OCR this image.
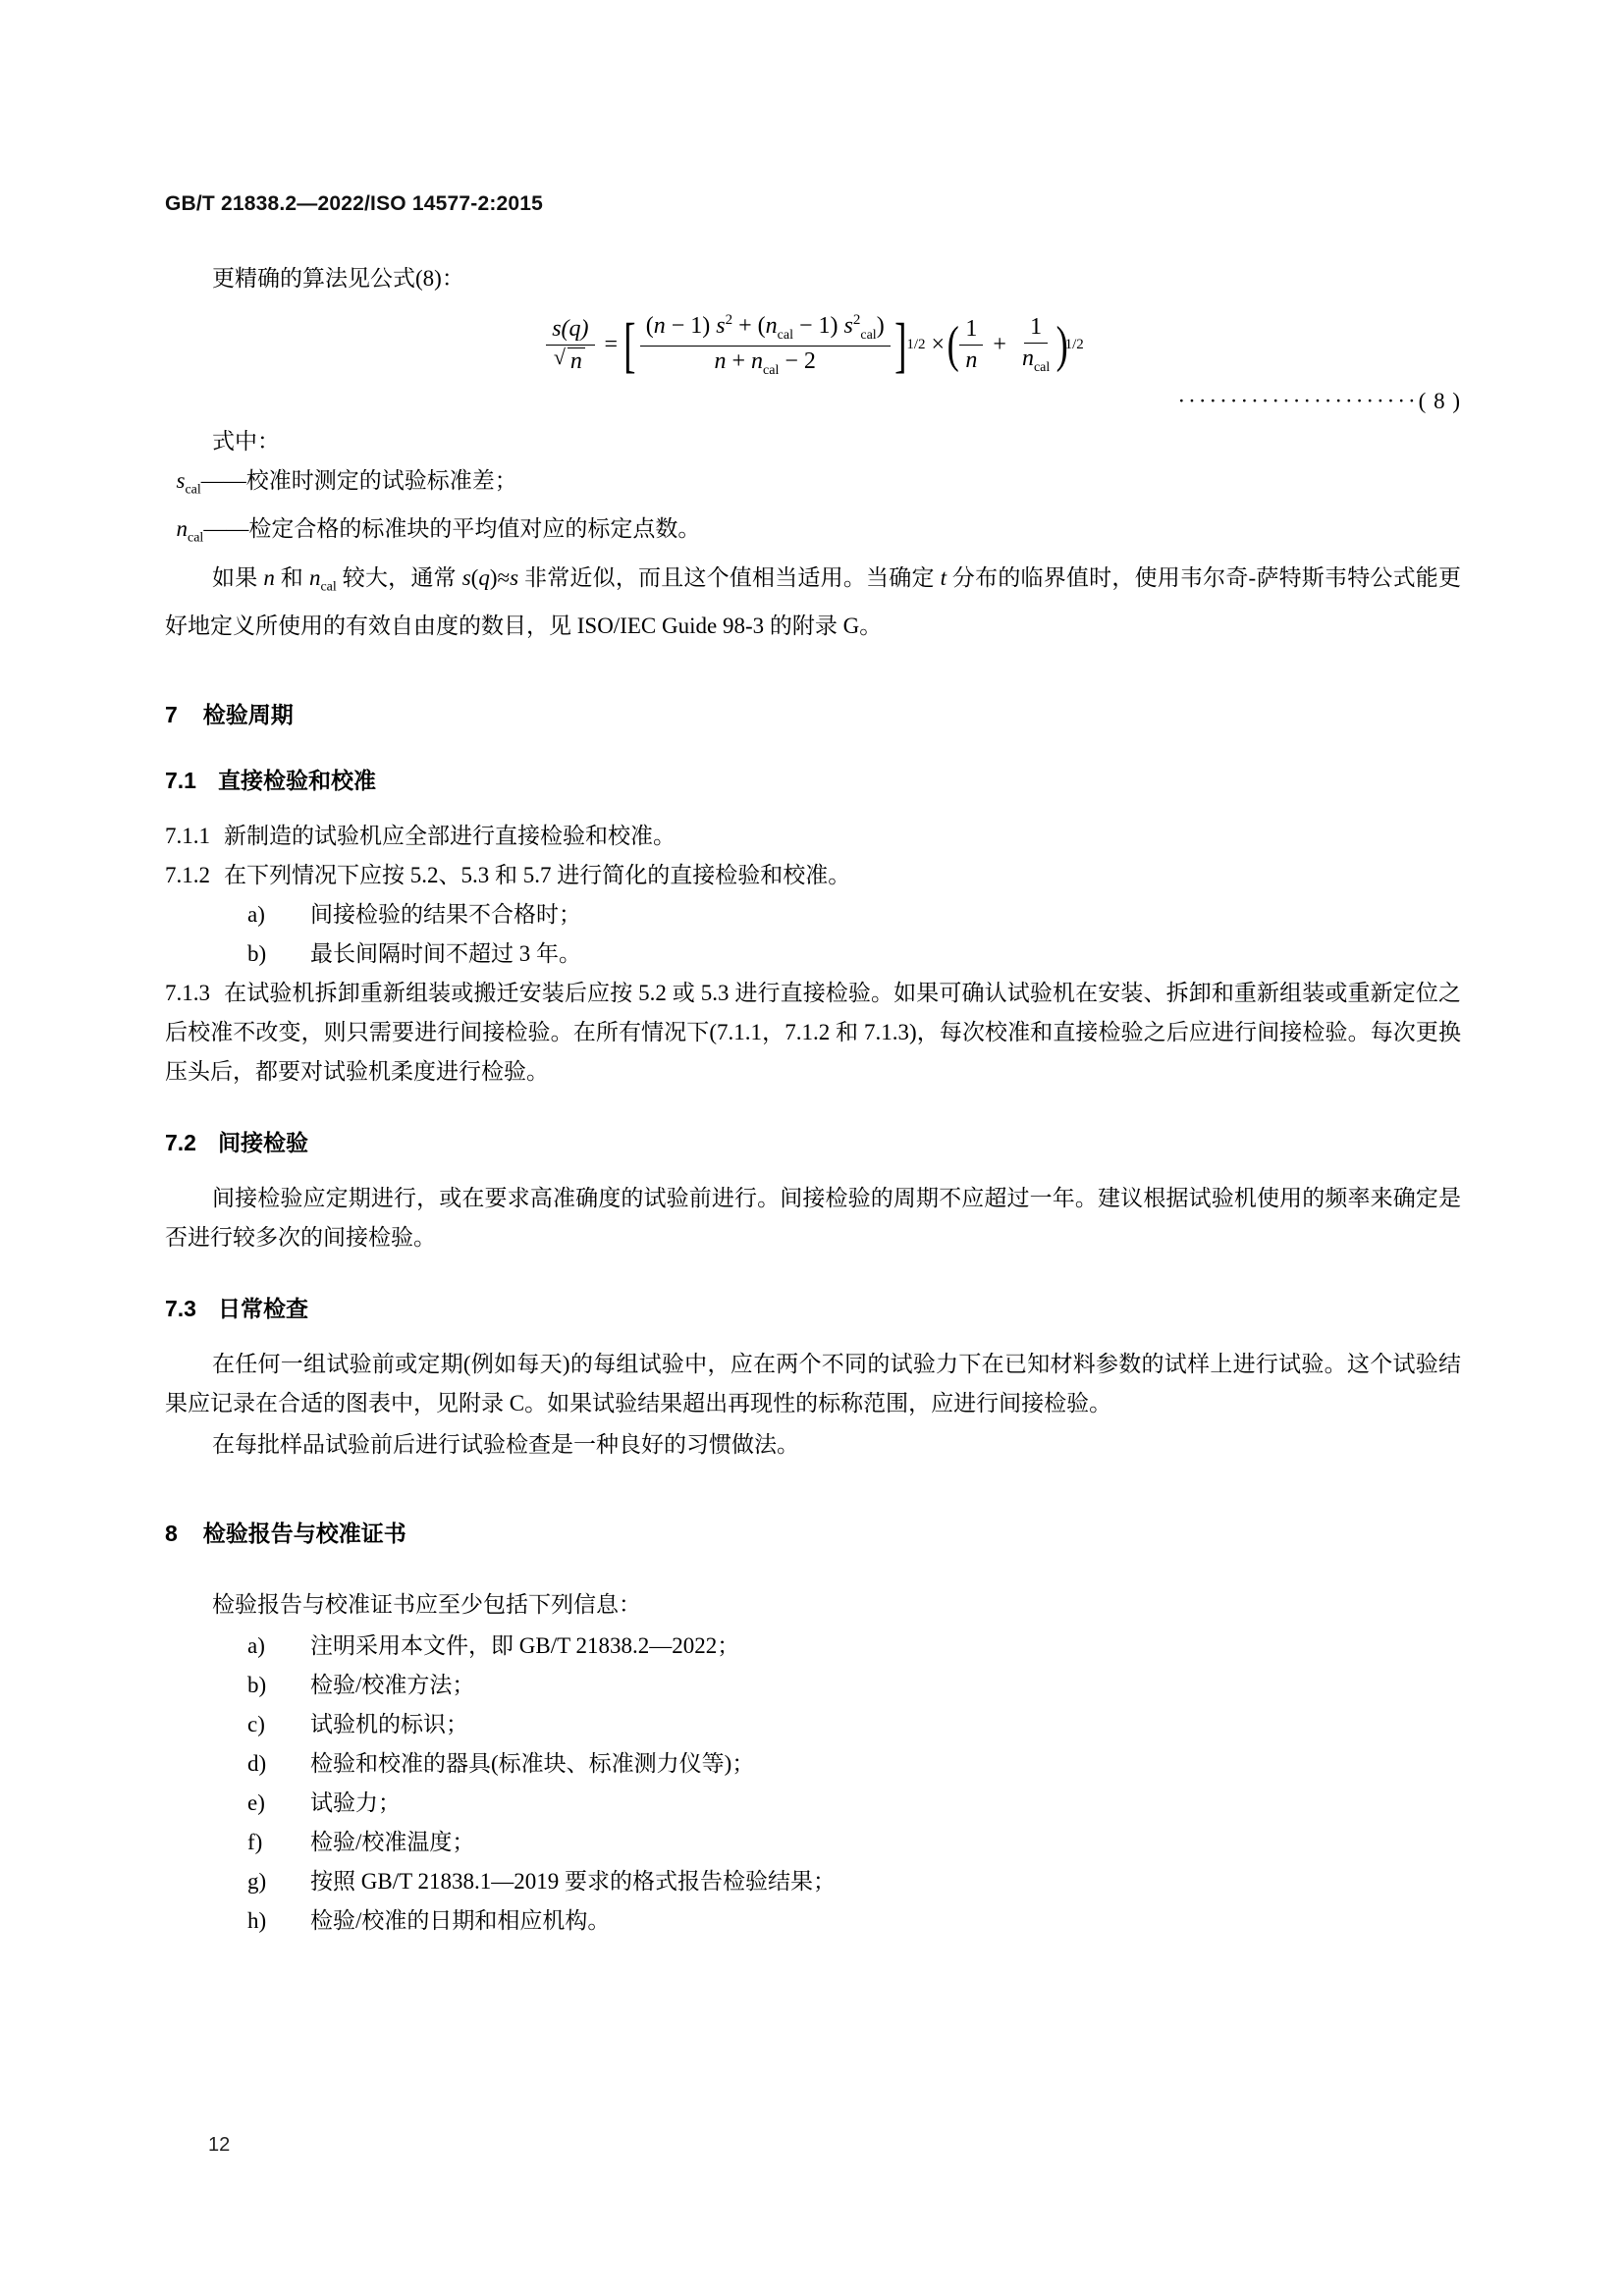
GB/T 21838.2—2022/ISO 14577-2:2015

更精确的算法见公式(8)：

s(q)
√ n = [ $\frac{(n - 1) s^2 + (n_{cal} - 1) s^2_{cal})}{n + n_{cal} - 2}$ ] 1/2 ×
( $\frac{1}{n} + \frac{1}{n_{cal}}$ )
1/2
·······················( 8 )

式中：

$s_{cal}——$校准时测定的试验标准差；

$n_{cal}——$检定合格的标准块的平均值对应的标定点数。

如果 n 和 $n_{cal}$ 较大，通常 s(q)≈s 非常近似，而且这个值相当适用。当确定 t 分布的临界值时，使用韦尔奇-萨特斯韦特公式能更好地定义所使用的有效自由度的数目，见 ISO/IEC Guide 98-3 的附录 G。

7 检验周期
7.1 直接检验和校准

7.1.1 新制造的试验机应全部进行直接检验和校准。

7.1.2 在下列情况下应按 5.2、5.3 和 5.7 进行简化的直接检验和校准。

a) 间接检验的结果不合格时；

b) 最长间隔时间不超过 3 年。

7.1.3 在试验机拆卸重新组装或搬迁安装后应按 5.2 或 5.3 进行直接检验。如果可确认试验机在安装、拆卸和重新组装或重新定位之后校准不改变，则只需要进行间接检验。在所有情况下(7.1.1，7.1.2 和 7.1.3)，每次校准和直接检验之后应进行间接检验。每次更换压头后，都要对试验机柔度进行检验。

7.2 间接检验

间接检验应定期进行，或在要求高准确度的试验前进行。间接检验的周期不应超过一年。建议根据试验机使用的频率来确定是否进行较多次的间接检验。

7.3 日常检查

在任何一组试验前或定期(例如每天)的每组试验中，应在两个不同的试验力下在已知材料参数的试样上进行试验。这个试验结果应记录在合适的图表中，见附录 C。如果试验结果超出再现性的标称范围，应进行间接检验。

在每批样品试验前后进行试验检查是一种良好的习惯做法。

8 检验报告与校准证书

检验报告与校准证书应至少包括下列信息：

a) 注明采用本文件，即 GB/T 21838.2—2022；

b) 检验/校准方法；

c) 试验机的标识；

d) 检验和校准的器具(标准块、标准测力仪等)；

e) 试验力；

f) 检验/校准温度；

g) 按照 GB/T 21838.1—2019 要求的格式报告检验结果；

h) 检验/校准的日期和相应机构。

12
